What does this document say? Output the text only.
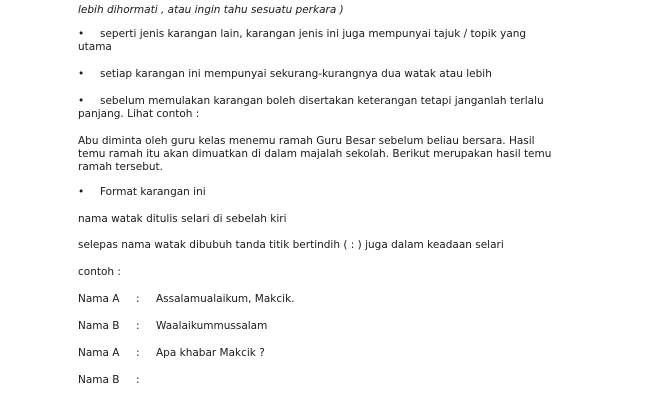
lebih dihormati , atau ingin tahu sesuatu perkara )
• seperti jenis karangan lain, karangan jenis ini juga mempunyai tajuk / topik yang utama
• setiap karangan ini mempunyai sekurang-kurangnya dua watak atau lebih
• sebelum memulakan karangan boleh disertakan keterangan tetapi janganlah terlalu panjang. Lihat contoh :
Abu diminta oleh guru kelas menemu ramah Guru Besar sebelum beliau bersara. Hasil temu ramah itu akan dimuatkan di dalam majalah sekolah. Berikut merupakan hasil temu ramah tersebut.
• Format karangan ini
nama watak ditulis selari di sebelah kiri
selepas nama watak dibubuh tanda titik bertindih ( : ) juga dalam keadaan selari
contoh :
Nama A : Assalamualaikum, Makcik.
Nama B : Waalaikummussalam
Nama A : Apa khabar Makcik ?
Nama B :
